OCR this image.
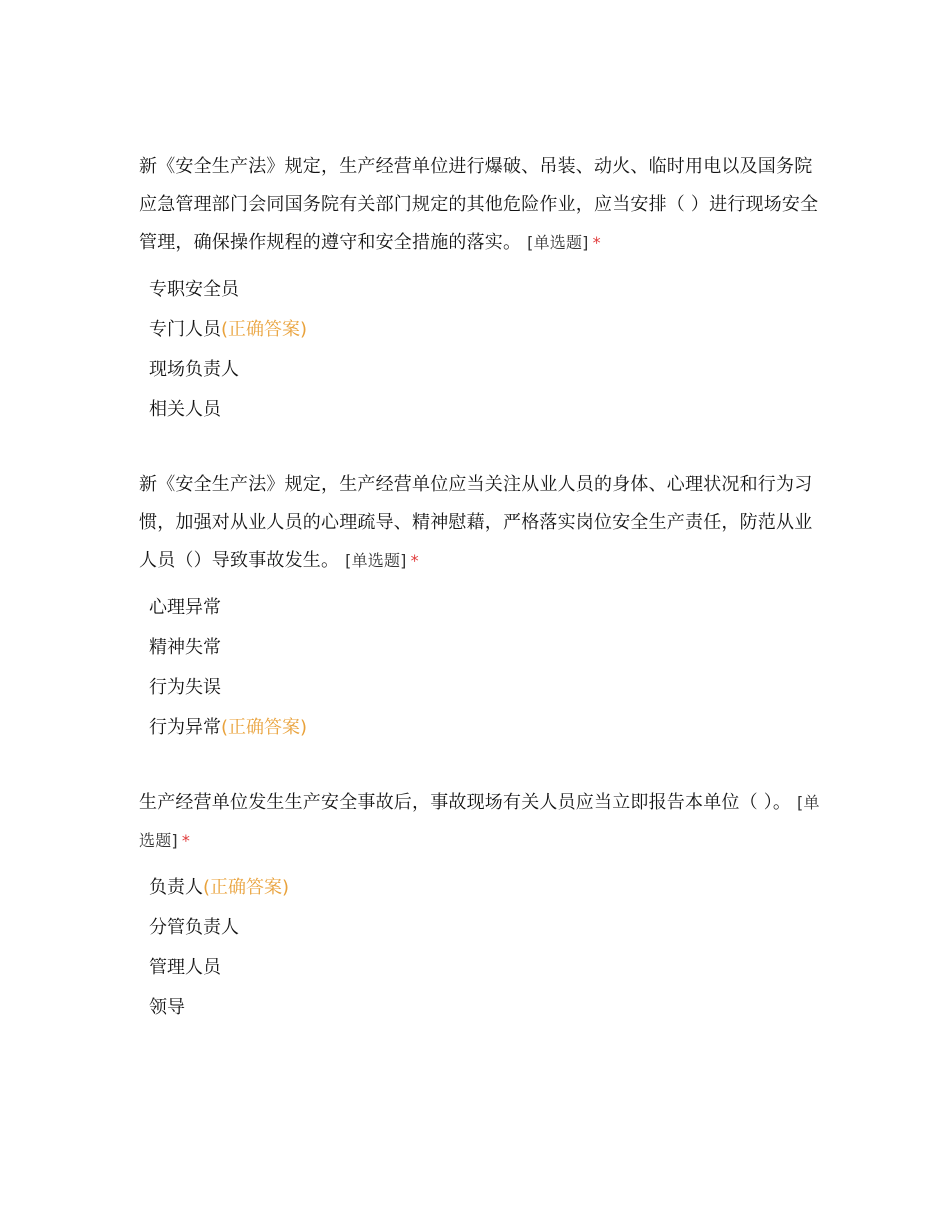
新《安全生产法》规定，生产经营单位进行爆破、吊装、动火、临时用电以及国务院应急管理部门会同国务院有关部门规定的其他危险作业，应当安排（ ）进行现场安全管理，确保操作规程的遵守和安全措施的落实。 [单选题] *

专职安全员
专门人员(正确答案)
现场负责人
相关人员

新《安全生产法》规定，生产经营单位应当关注从业人员的身体、心理状况和行为习惯，加强对从业人员的心理疏导、精神慰藉，严格落实岗位安全生产责任，防范从业人员（）导致事故发生。 [单选题] *

心理异常
精神失常
行为失误
行为异常(正确答案)

生产经营单位发生生产安全事故后，事故现场有关人员应当立即报告本单位（ ）。 [单选题] *

负责人(正确答案)
分管负责人
管理人员
领导
